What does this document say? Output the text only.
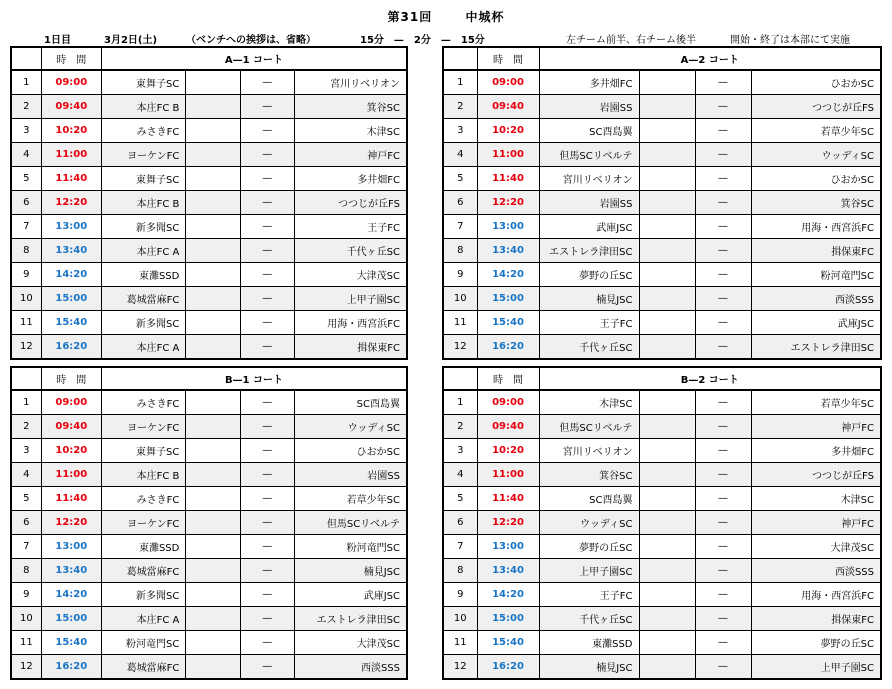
第31回	中城杯
1日目	3月2日(土)	（ベンチへの挨拶は、省略）	15分　—　2分　—　15分	左チーム前半、右チーム後半	開始・終了は本部にて実施
	時　間	A—1 コート			
1	09:00	東舞子SC		—	宮川リベリオン
2	09:40	本庄FC B		—	箕谷SC
3	10:20	みさきFC		—	木津SC
4	11:00	ヨーケンFC		—	神戸FC
5	11:40	東舞子SC		—	多井畑FC
6	12:20	本庄FC B		—	つつじが丘FS
7	13:00	新多聞SC		—	王子FC
8	13:40	本庄FC A		—	千代ヶ丘SC
9	14:20	東灘SSD		—	大津茂SC
10	15:00	葛城當麻FC		—	上甲子園SC
11	15:40	新多聞SC		—	用海・西宮浜FC
12	16:20	本庄FC A		—	揖保東FC
	時　間	A—2 コート			
1	09:00	多井畑FC		—	ひおかSC
2	09:40	岩園SS		—	つつじが丘FS
3	10:20	SC酉島翼		—	若草少年SC
4	11:00	但馬SCリベルテ		—	ウッディSC
5	11:40	宮川リベリオン		—	ひおかSC
6	12:20	岩園SS		—	箕谷SC
7	13:00	武庫JSC		—	用海・西宮浜FC
8	13:40	エストレラ津田SC		—	揖保東FC
9	14:20	夢野の丘SC		—	粉河竜門SC
10	15:00	楠見JSC		—	西淡SSS
11	15:40	王子FC		—	武庫JSC
12	16:20	千代ヶ丘SC		—	エストレラ津田SC
	時　間	B—1 コート			
1	09:00	みさきFC		—	SC酉島翼
2	09:40	ヨーケンFC		—	ウッディSC
3	10:20	東舞子SC		—	ひおかSC
4	11:00	本庄FC B		—	岩園SS
5	11:40	みさきFC		—	若草少年SC
6	12:20	ヨーケンFC		—	但馬SCリベルテ
7	13:00	東灘SSD		—	粉河竜門SC
8	13:40	葛城當麻FC		—	楠見JSC
9	14:20	新多聞SC		—	武庫JSC
10	15:00	本庄FC A		—	エストレラ津田SC
11	15:40	粉河竜門SC		—	大津茂SC
12	16:20	葛城當麻FC		—	西淡SSS
	時　間	B—2 コート			
1	09:00	木津SC		—	若草少年SC
2	09:40	但馬SCリベルテ		—	神戸FC
3	10:20	宮川リベリオン		—	多井畑FC
4	11:00	箕谷SC		—	つつじが丘FS
5	11:40	SC酉島翼		—	木津SC
6	12:20	ウッディSC		—	神戸FC
7	13:00	夢野の丘SC		—	大津茂SC
8	13:40	上甲子園SC		—	西淡SSS
9	14:20	王子FC		—	用海・西宮浜FC
10	15:00	千代ヶ丘SC		—	揖保東FC
11	15:40	東灘SSD		—	夢野の丘SC
12	16:20	楠見JSC		—	上甲子園SC
